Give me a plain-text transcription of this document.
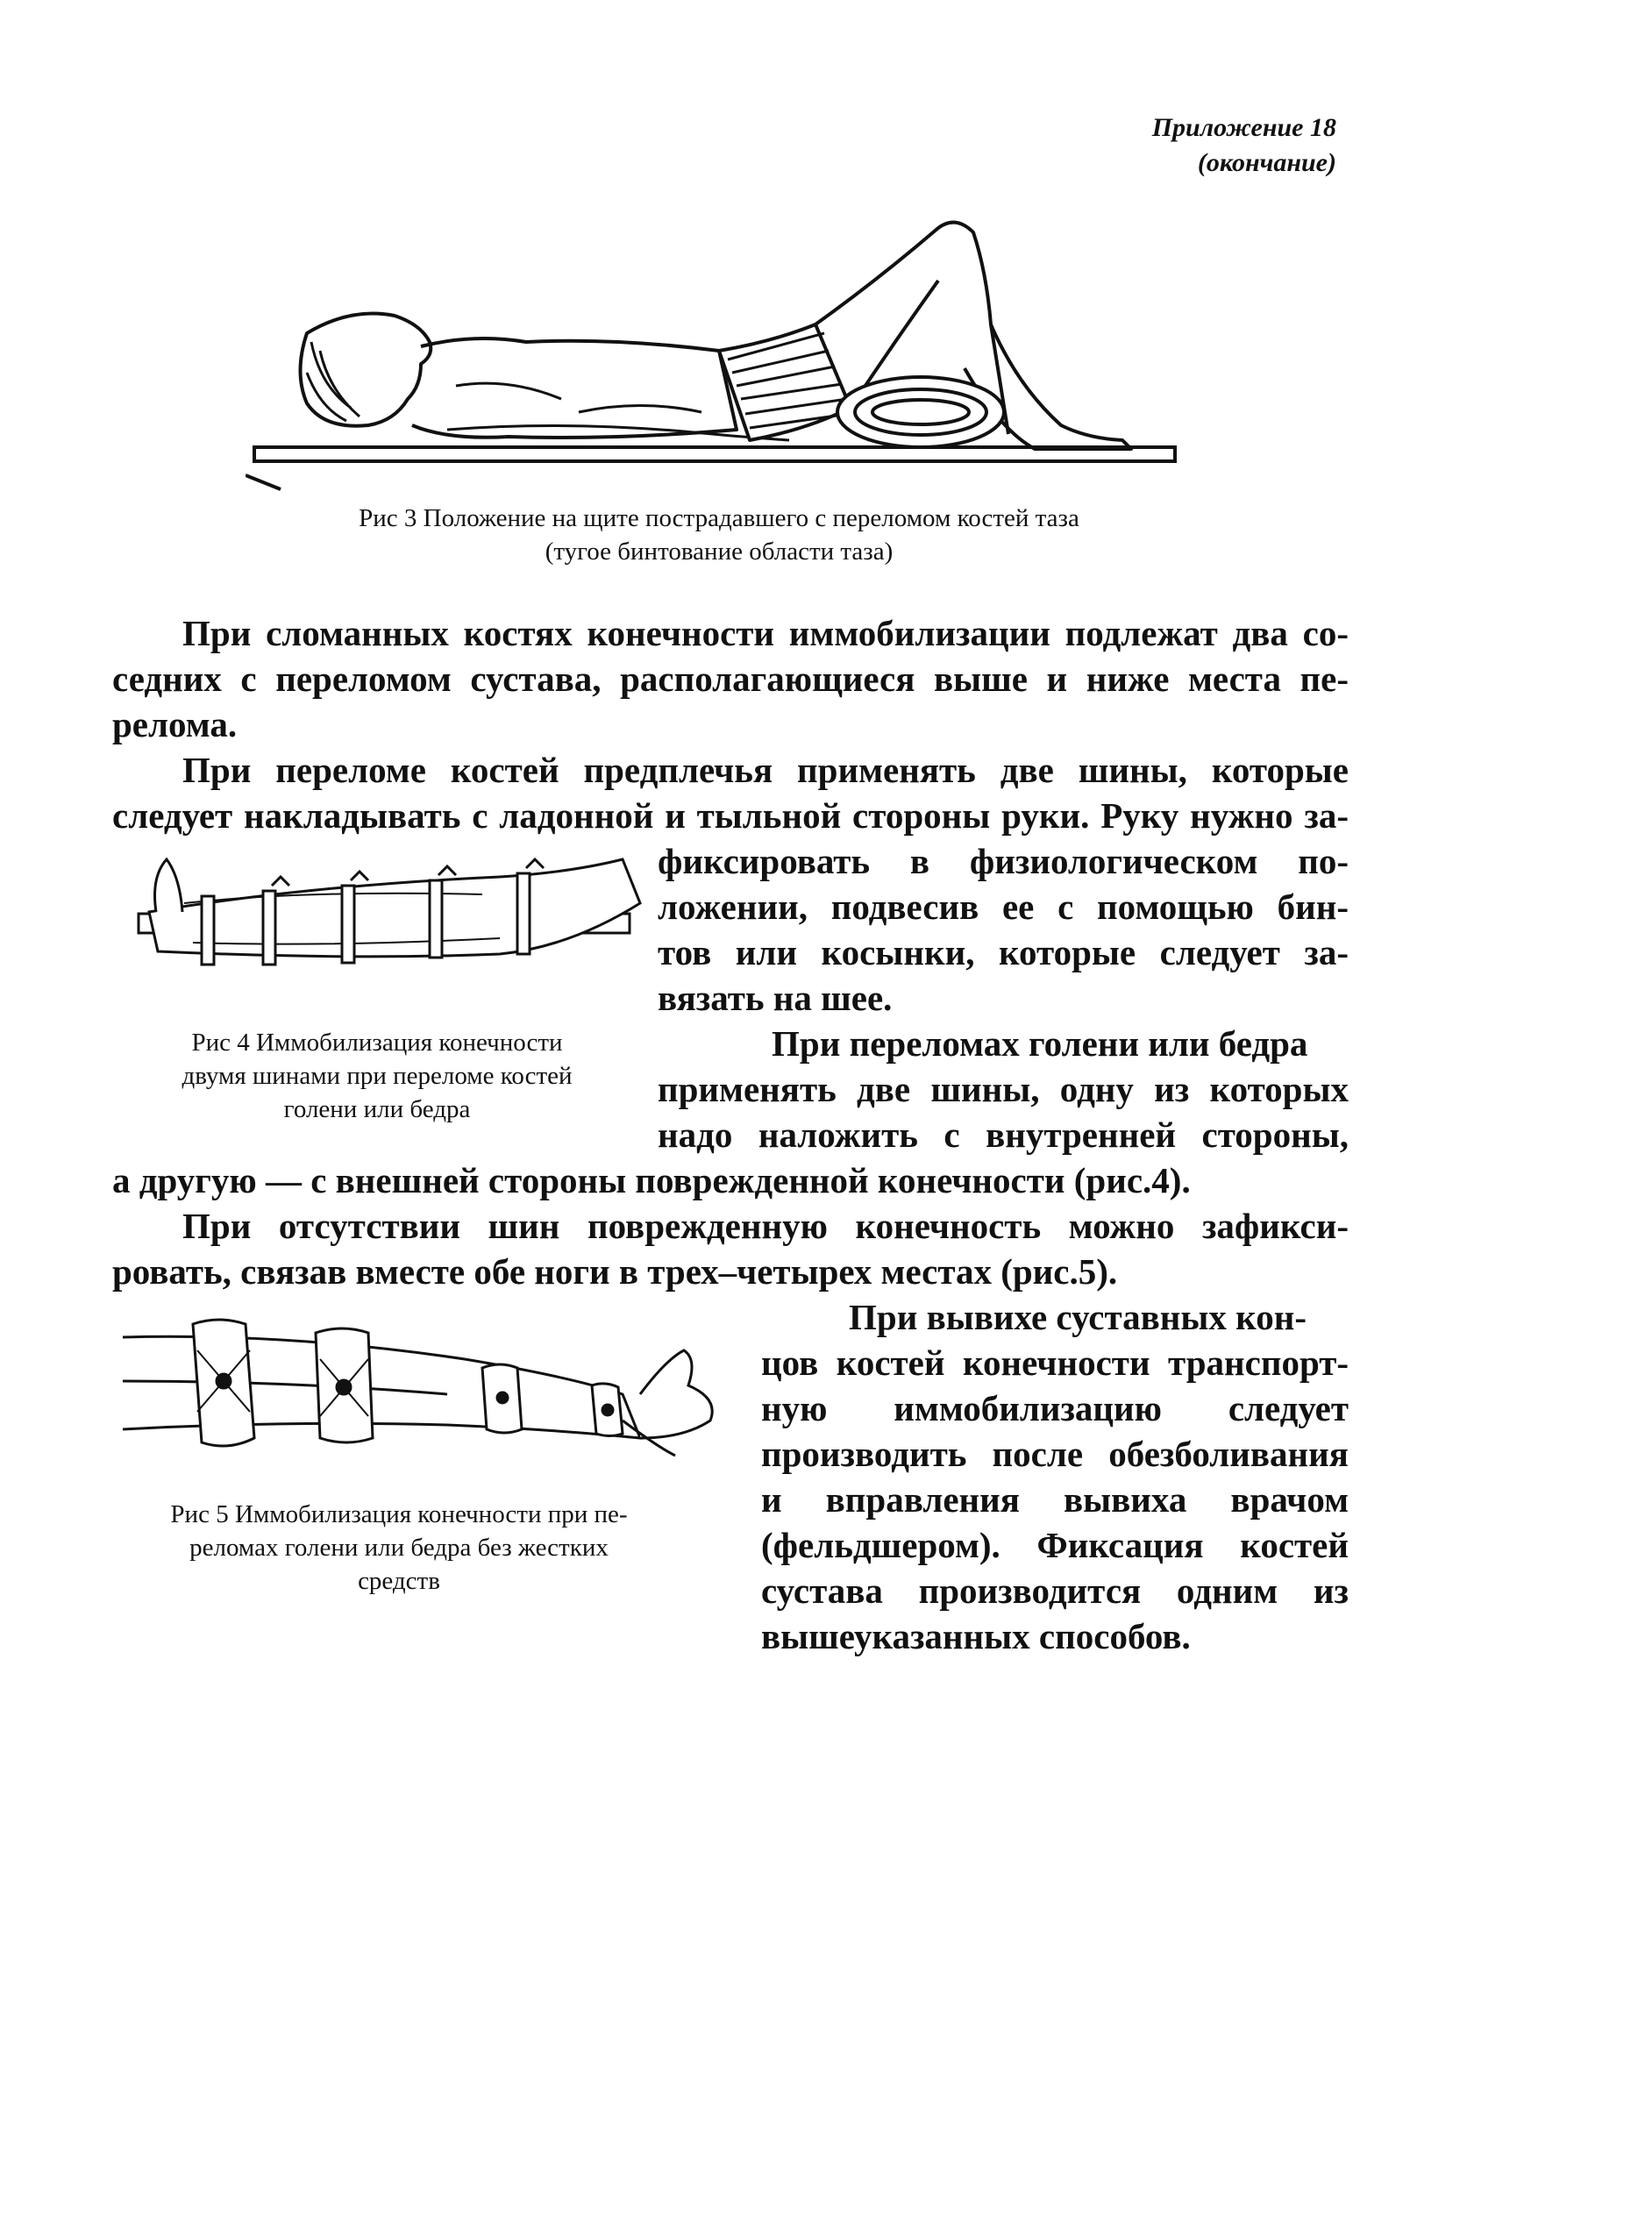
Приложение 18
(окончание)
Рис 3 Положение на щите пострадавшего с переломом костей таза
(тугое бинтование области таза)
При сломанных костях конечности иммобилизации подлежат два со-
седних с переломом сустава, располагающиеся выше и ниже места пе-
релома.
При переломе костей предплечья применять две шины, которые
следует накладывать с ладонной и тыльной стороны руки. Руку нужно за-
фиксировать в физиологическом по-
ложении, подвесив ее с помощью бин-
тов или косынки, которые следует за-
вязать на шее.
Рис 4 Иммобилизация конечности
двумя шинами при переломе костей
голени или бедра
При переломах голени или бедра
применять две шины, одну из которых
надо наложить с внутренней стороны,
а другую — с внешней стороны поврежденной конечности (рис.4).
При отсутствии шин поврежденную конечность можно зафикси-
ровать, связав вместе обе ноги в трех–четырех местах (рис.5).
Рис 5 Иммобилизация конечности при пе-
реломах голени или бедра без жестких
средств
При вывихе суставных кон-
цов костей конечности транспорт-
ную иммобилизацию следует
производить после обезболивания
и вправления вывиха врачом
(фельдшером). Фиксация костей
сустава производится одним из
вышеуказанных способов.
